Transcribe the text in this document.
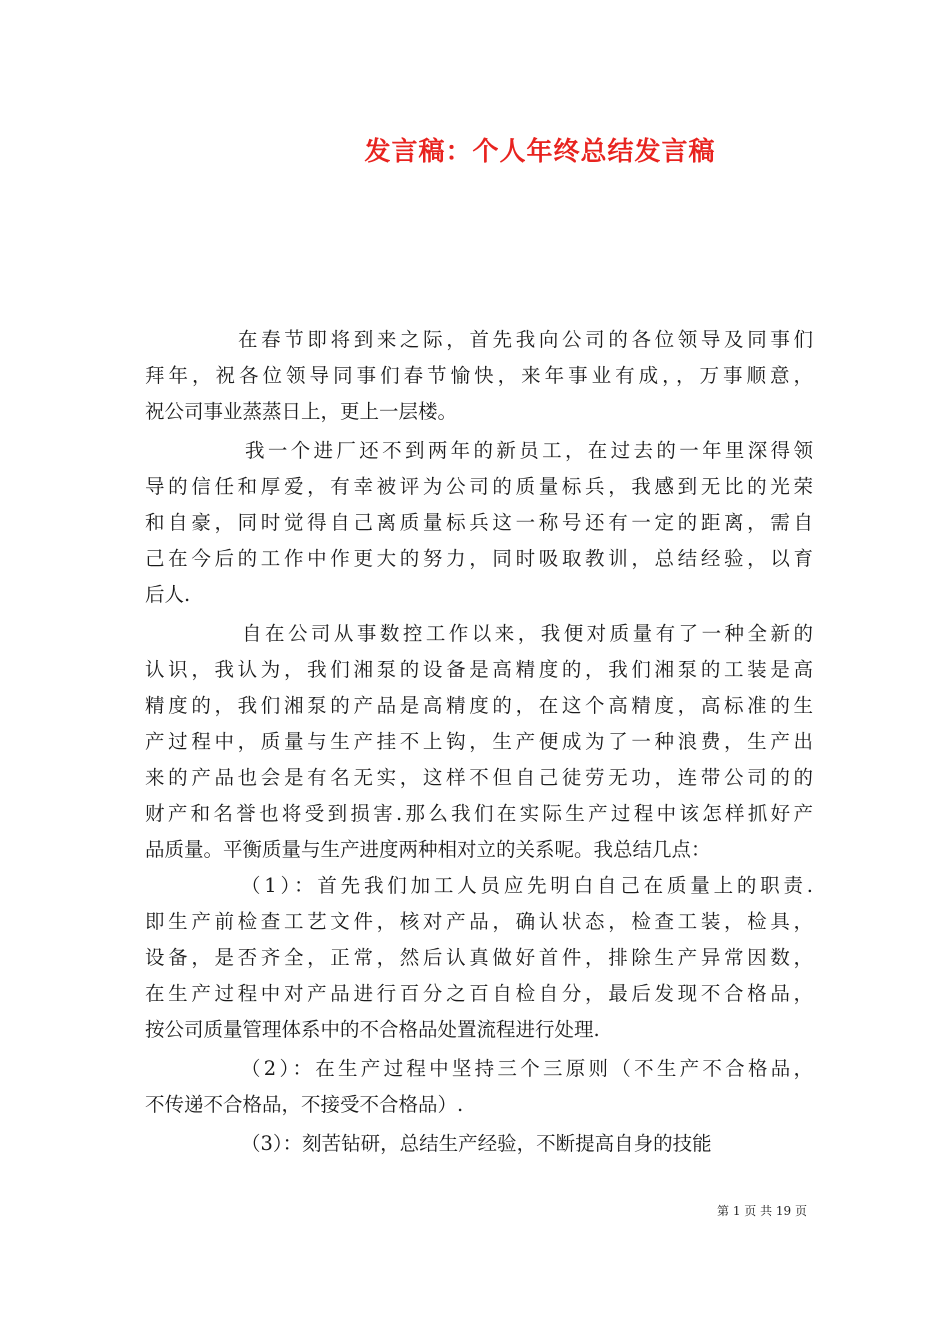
发言稿：个人年终总结发言稿
在春节即将到来之际，首先我向公司的各位领导及同事们
拜年，祝各位领导同事们春节愉快，来年事业有成，，万事顺意，
祝公司事业蒸蒸日上，更上一层楼。
我一个进厂还不到两年的新员工，在过去的一年里深得领
导的信任和厚爱，有幸被评为公司的质量标兵，我感到无比的光荣
和自豪，同时觉得自己离质量标兵这一称号还有一定的距离，需自
己在今后的工作中作更大的努力，同时吸取教训，总结经验，以育
后人.
自在公司从事数控工作以来，我便对质量有了一种全新的
认识，我认为，我们湘泵的设备是高精度的，我们湘泵的工装是高
精度的，我们湘泵的产品是高精度的，在这个高精度，高标准的生
产过程中，质量与生产挂不上钩，生产便成为了一种浪费，生产出
来的产品也会是有名无实，这样不但自己徒劳无功，连带公司的的
财产和名誉也将受到损害.那么我们在实际生产过程中该怎样抓好产
品质量。平衡质量与生产进度两种相对立的关系呢。我总结几点：
（1）：首先我们加工人员应先明白自己在质量上的职责.
即生产前检查工艺文件，核对产品，确认状态，检查工装，检具，
设备，是否齐全，正常，然后认真做好首件，排除生产异常因数，
在生产过程中对产品进行百分之百自检自分，最后发现不合格品，
按公司质量管理体系中的不合格品处置流程进行处理.
（2）：在生产过程中坚持三个三原则（不生产不合格品，
不传递不合格品，不接受不合格品）.
（3）：刻苦钻研，总结生产经验，不断提高自身的技能
第 1 页 共 19 页
